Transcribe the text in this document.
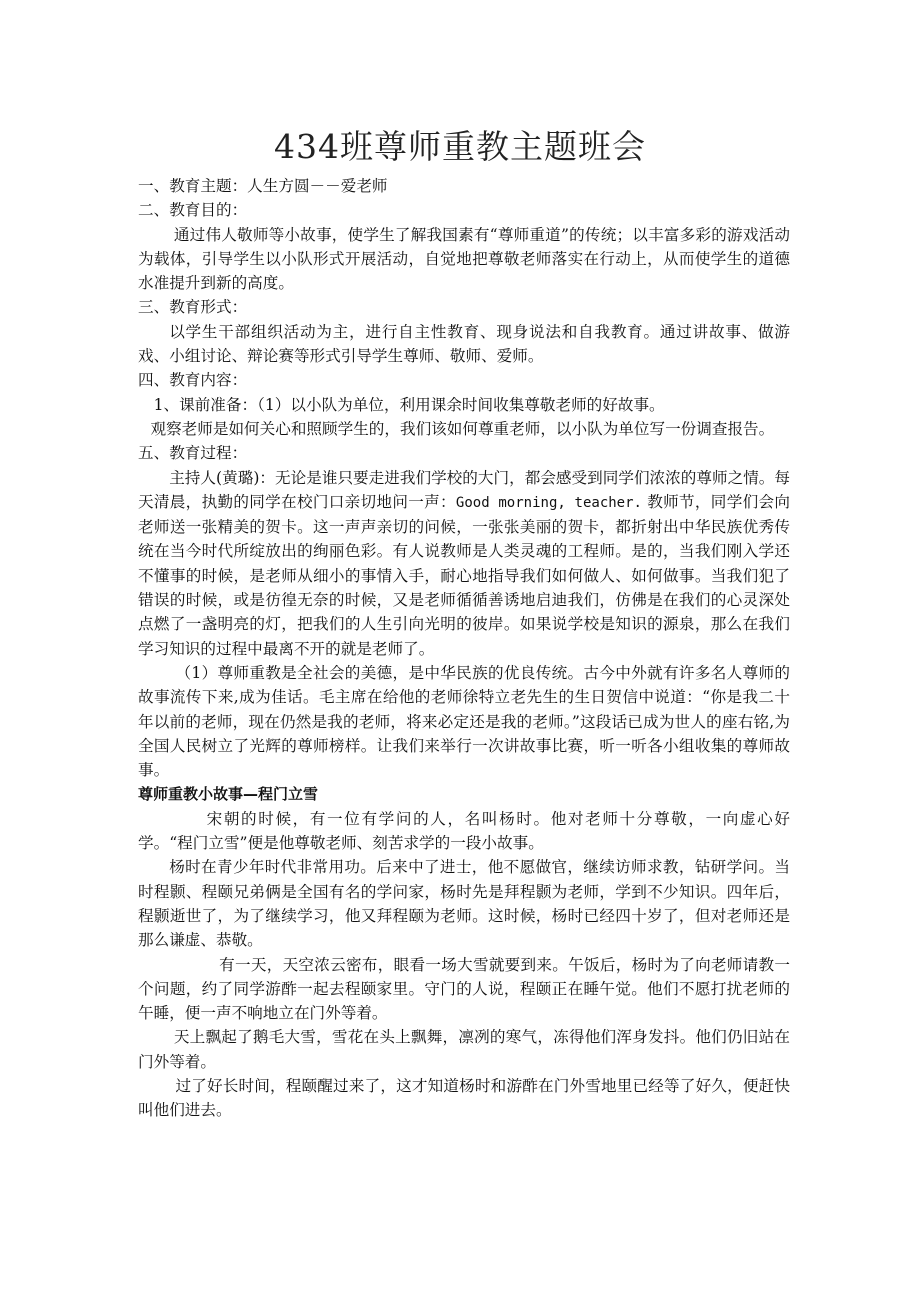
434班尊师重教主题班会

一、教育主题：人生方圆－－爱老师

二、教育目的：

通过伟人敬师等小故事，使学生了解我国素有“尊师重道”的传统；以丰富多彩的游戏活动为载体，引导学生以小队形式开展活动，自觉地把尊敬老师落实在行动上，从而使学生的道德水准提升到新的高度。

三、教育形式：

以学生干部组织活动为主，进行自主性教育、现身说法和自我教育。通过讲故事、做游戏、小组讨论、辩论赛等形式引导学生尊师、敬师、爱师。

四、教育内容：

1、课前准备：（1）以小队为单位，利用课余时间收集尊敬老师的好故事。

观察老师是如何关心和照顾学生的，我们该如何尊重老师，以小队为单位写一份调查报告。

五、教育过程：

主持人(黄璐)：无论是谁只要走进我们学校的大门，都会感受到同学们浓浓的尊师之情。每天清晨，执勤的同学在校门口亲切地问一声：Good morning, teacher. 教师节，同学们会向老师送一张精美的贺卡。这一声声亲切的问候，一张张美丽的贺卡，都折射出中华民族优秀传统在当今时代所绽放出的绚丽色彩。有人说教师是人类灵魂的工程师。是的，当我们刚入学还不懂事的时候，是老师从细小的事情入手，耐心地指导我们如何做人、如何做事。当我们犯了错误的时候，或是彷徨无奈的时候，又是老师循循善诱地启迪我们，仿佛是在我们的心灵深处点燃了一盏明亮的灯，把我们的人生引向光明的彼岸。如果说学校是知识的源泉，那么在我们学习知识的过程中最离不开的就是老师了。

（1）尊师重教是全社会的美德，是中华民族的优良传统。古今中外就有许多名人尊师的故事流传下来,成为佳话。毛主席在给他的老师徐特立老先生的生日贺信中说道：“你是我二十年以前的老师，现在仍然是我的老师，将来必定还是我的老师。”这段话已成为世人的座右铭,为全国人民树立了光辉的尊师榜样。让我们来举行一次讲故事比赛，听一听各小组收集的尊师故事。

尊师重教小故事—程门立雪

宋朝的时候，有一位有学问的人，名叫杨时。他对老师十分尊敬，一向虚心好学。“程门立雪”便是他尊敬老师、刻苦求学的一段小故事。

杨时在青少年时代非常用功。后来中了进士，他不愿做官，继续访师求教，钻研学问。当时程颢、程颐兄弟俩是全国有名的学问家，杨时先是拜程颢为老师，学到不少知识。四年后，程颢逝世了，为了继续学习，他又拜程颐为老师。这时候，杨时已经四十岁了，但对老师还是那么谦虚、恭敬。

有一天，天空浓云密布，眼看一场大雪就要到来。午饭后，杨时为了向老师请教一个问题，约了同学游酢一起去程颐家里。守门的人说，程颐正在睡午觉。他们不愿打扰老师的午睡，便一声不响地立在门外等着。

天上飘起了鹅毛大雪，雪花在头上飘舞，凛冽的寒气，冻得他们浑身发抖。他们仍旧站在门外等着。

过了好长时间，程颐醒过来了，这才知道杨时和游酢在门外雪地里已经等了好久，便赶快叫他们进去。
